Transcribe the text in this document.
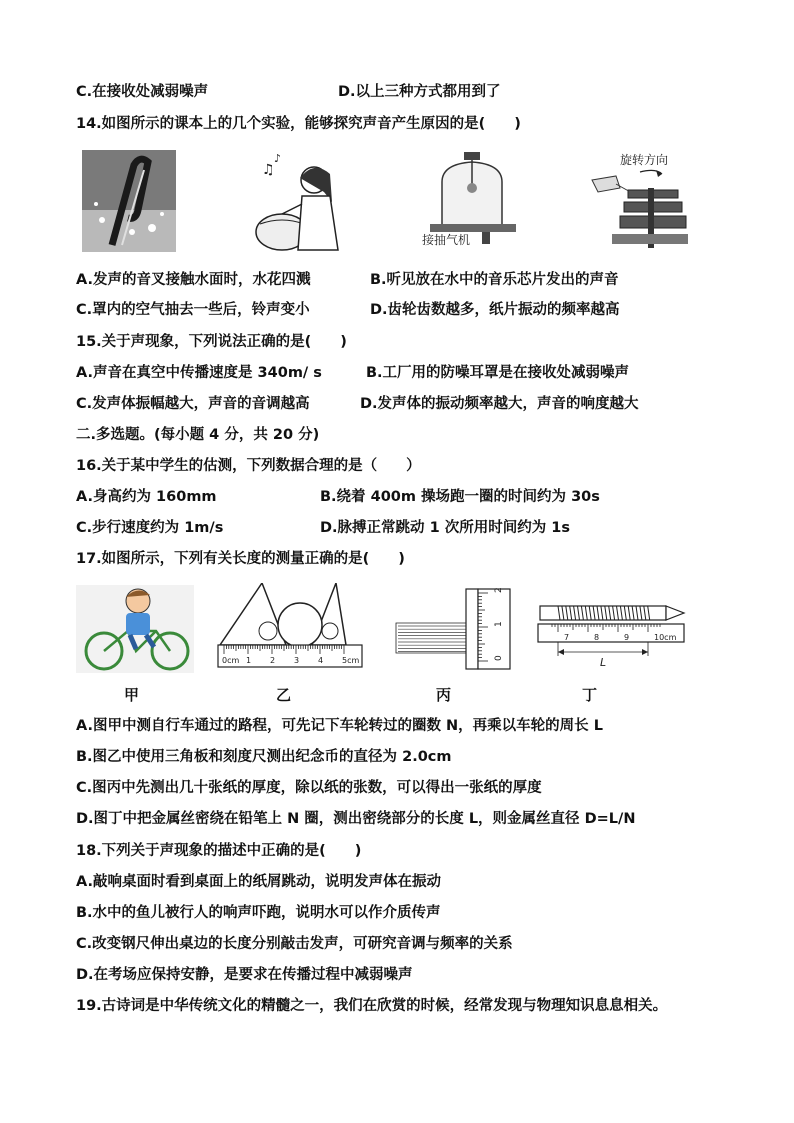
C.在接收处减弱噪声	D.以上三种方式都用到了
14.如图所示的课本上的几个实验，能够探究声音产生原因的是(　　)
♫
♪
接抽气机
旋转方向
A.发声的音叉接触水面时，水花四溅	B.听见放在水中的音乐芯片发出的声音
C.罩内的空气抽去一些后，铃声变小	D.齿轮齿数越多，纸片振动的频率越高
15.关于声现象，下列说法正确的是(　　)
A.声音在真空中传播速度是 340m/ s	B.工厂用的防噪耳罩是在接收处减弱噪声
C.发声体振幅越大，声音的音调越高	D.发声体的振动频率越大，声音的响度越大
二.多选题。(每小题 4 分，共 20 分)
16.关于某中学生的估测，下列数据合理的是（　　）
A.身高约为 160mm	B.绕着 400m 操场跑一圈的时间约为 30s
C.步行速度约为 1m/s	D.脉搏正常跳动 1 次所用时间约为 1s
17.如图所示，下列有关长度的测量正确的是(　　)
0cm 1 2 3 4 5cm	0
1
2
7	8	9	10cm
L
甲	乙	丙	丁
A.图甲中测自行车通过的路程，可先记下车轮转过的圈数 N，再乘以车轮的周长 L
B.图乙中使用三角板和刻度尺测出纪念币的直径为 2.0cm
C.图丙中先测出几十张纸的厚度，除以纸的张数，可以得出一张纸的厚度
D.图丁中把金属丝密绕在铅笔上 N 圈，测出密绕部分的长度 L，则金属丝直径 D=L/N
18.下列关于声现象的描述中正确的是(　　)
A.敲响桌面时看到桌面上的纸屑跳动，说明发声体在振动
B.水中的鱼儿被行人的响声吓跑，说明水可以作介质传声
C.改变钢尺伸出桌边的长度分别敲击发声，可研究音调与频率的关系
D.在考场应保持安静，是要求在传播过程中减弱噪声
19.古诗词是中华传统文化的精髓之一，我们在欣赏的时候，经常发现与物理知识息息相关。
